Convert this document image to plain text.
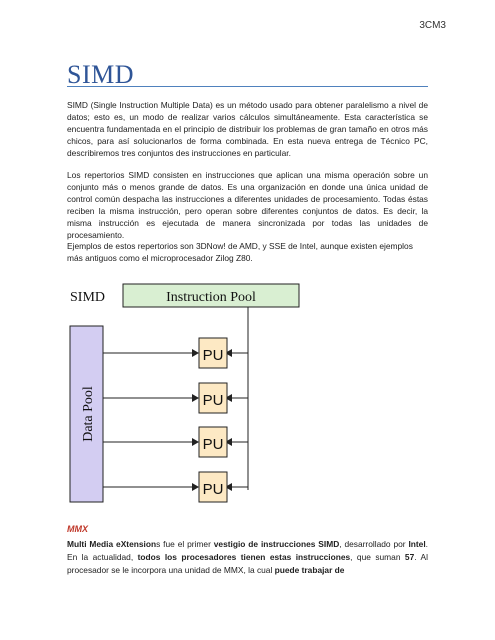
3CM3
SIMD
SIMD (Single Instruction Multiple Data) es un método usado para obtener paralelismo a nivel de datos; esto es, un modo de realizar varios cálculos simultáneamente. Esta característica se encuentra fundamentada en el principio de distribuir los problemas de gran tamaño en otros más chicos, para así solucionarlos de forma combinada. En esta nueva entrega de Técnico PC, describiremos tres conjuntos des instrucciones en particular.
Los repertorios SIMD consisten en instrucciones que aplican una misma operación sobre un conjunto más o menos grande de datos. Es una organización en donde una única unidad de control común despacha las instrucciones a diferentes unidades de procesamiento. Todas éstas reciben la misma instrucción, pero operan sobre diferentes conjuntos de datos. Es decir, la misma instrucción es ejecutada de manera sincronizada por todas las unidades de procesamiento.
Ejemplos de estos repertorios son 3DNow! de AMD, y SSE de Intel, aunque existen ejemplos más antiguos como el microprocesador Zilog Z80.
SIMD	Instruction Pool
Data Pool
PU
PU
PU
PU
MMX
Multi Media eXtensions fue el primer vestigio de instrucciones SIMD, desarrollado por Intel. En la actualidad, todos los procesadores tienen estas instrucciones, que suman 57. Al procesador se le incorpora una unidad de MMX, la cual puede trabajar de
